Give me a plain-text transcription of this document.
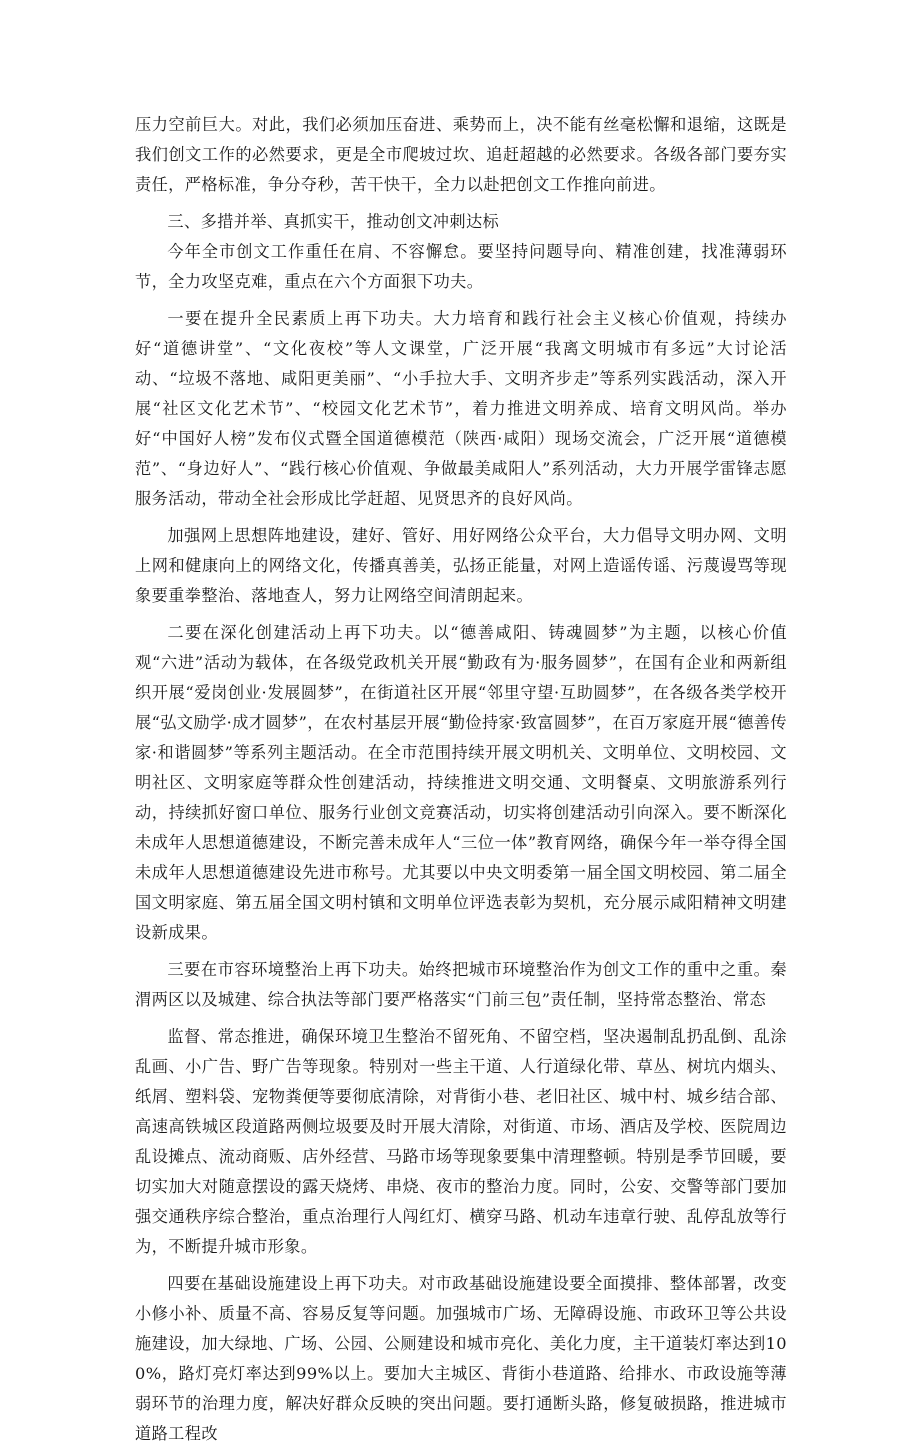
压力空前巨大。对此，我们必须加压奋进、乘势而上，决不能有丝毫松懈和退缩，这既是我们创文工作的必然要求，更是全市爬坡过坎、追赶超越的必然要求。各级各部门要夯实责任，严格标准，争分夺秒，苦干快干，全力以赴把创文工作推向前进。

三、多措并举、真抓实干，推动创文冲刺达标

今年全市创文工作重任在肩、不容懈怠。要坚持问题导向、精准创建，找准薄弱环节，全力攻坚克难，重点在六个方面狠下功夫。

一要在提升全民素质上再下功夫。大力培育和践行社会主义核心价值观，持续办好“道德讲堂”、“文化夜校”等人文课堂，广泛开展“我离文明城市有多远”大讨论活动、“垃圾不落地、咸阳更美丽”、“小手拉大手、文明齐步走”等系列实践活动，深入开展“社区文化艺术节”、“校园文化艺术节”，着力推进文明养成、培育文明风尚。举办好“中国好人榜”发布仪式暨全国道德模范（陕西·咸阳）现场交流会，广泛开展“道德模范”、“身边好人”、“践行核心价值观、争做最美咸阳人”系列活动，大力开展学雷锋志愿服务活动，带动全社会形成比学赶超、见贤思齐的良好风尚。

加强网上思想阵地建设，建好、管好、用好网络公众平台，大力倡导文明办网、文明上网和健康向上的网络文化，传播真善美，弘扬正能量，对网上造谣传谣、污蔑谩骂等现象要重拳整治、落地查人，努力让网络空间清朗起来。

二要在深化创建活动上再下功夫。以“德善咸阳、铸魂圆梦”为主题，以核心价值观“六进”活动为载体，在各级党政机关开展“勤政有为·服务圆梦”，在国有企业和两新组织开展“爱岗创业·发展圆梦”，在街道社区开展“邻里守望·互助圆梦”，在各级各类学校开展“弘文励学·成才圆梦”，在农村基层开展“勤俭持家·致富圆梦”，在百万家庭开展“德善传家·和谐圆梦”等系列主题活动。在全市范围持续开展文明机关、文明单位、文明校园、文明社区、文明家庭等群众性创建活动，持续推进文明交通、文明餐桌、文明旅游系列行动，持续抓好窗口单位、服务行业创文竞赛活动，切实将创建活动引向深入。要不断深化未成年人思想道德建设，不断完善未成年人“三位一体”教育网络，确保今年一举夺得全国未成年人思想道德建设先进市称号。尤其要以中央文明委第一届全国文明校园、第二届全国文明家庭、第五届全国文明村镇和文明单位评选表彰为契机，充分展示咸阳精神文明建设新成果。

三要在市容环境整治上再下功夫。始终把城市环境整治作为创文工作的重中之重。秦渭两区以及城建、综合执法等部门要严格落实“门前三包”责任制，坚持常态整治、常态

监督、常态推进，确保环境卫生整治不留死角、不留空档，坚决遏制乱扔乱倒、乱涂乱画、小广告、野广告等现象。特别对一些主干道、人行道绿化带、草丛、树坑内烟头、纸屑、塑料袋、宠物粪便等要彻底清除，对背街小巷、老旧社区、城中村、城乡结合部、高速高铁城区段道路两侧垃圾要及时开展大清除，对街道、市场、酒店及学校、医院周边乱设摊点、流动商贩、店外经营、马路市场等现象要集中清理整顿。特别是季节回暖，要切实加大对随意摆设的露天烧烤、串烧、夜市的整治力度。同时，公安、交警等部门要加强交通秩序综合整治，重点治理行人闯红灯、横穿马路、机动车违章行驶、乱停乱放等行为，不断提升城市形象。

四要在基础设施建设上再下功夫。对市政基础设施建设要全面摸排、整体部署，改变小修小补、质量不高、容易反复等问题。加强城市广场、无障碍设施、市政环卫等公共设施建设，加大绿地、广场、公园、公厕建设和城市亮化、美化力度，主干道装灯率达到100%，路灯亮灯率达到99%以上。要加大主城区、背街小巷道路、给排水、市政设施等薄弱环节的治理力度，解决好群众反映的突出问题。要打通断头路，修复破损路，推进城市道路工程改
